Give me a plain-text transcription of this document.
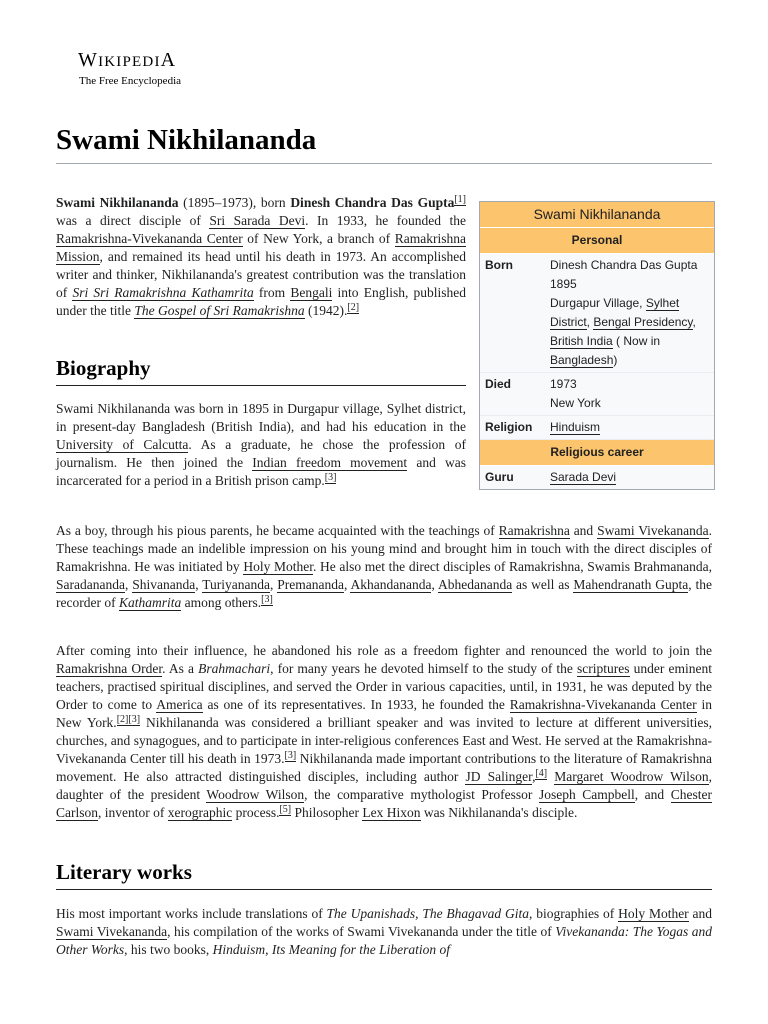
WIKIPEDIA
The Free Encyclopedia
Swami Nikhilananda

Swami Nikhilananda (1895–1973), born Dinesh Chandra Das Gupta[1] was a direct disciple of Sri Sarada Devi. In 1933, he founded the Ramakrishna-Vivekananda Center of New York, a branch of Ramakrishna Mission, and remained its head until his death in 1973. An accomplished writer and thinker, Nikhilananda's greatest contribution was the translation of Sri Sri Ramakrishna Kathamrita from Bengali into English, published under the title The Gospel of Sri Ramakrishna (1942).[2]

Biography

Swami Nikhilananda was born in 1895 in Durgapur village, Sylhet district, in present-day Bangladesh (British India), and had his education in the University of Calcutta. As a graduate, he chose the profession of journalism. He then joined the Indian freedom movement and was incarcerated for a period in a British prison camp.[3]

As a boy, through his pious parents, he became acquainted with the teachings of Ramakrishna and Swami Vivekananda. These teachings made an indelible impression on his young mind and brought him in touch with the direct disciples of Ramakrishna. He was initiated by Holy Mother. He also met the direct disciples of Ramakrishna, Swamis Brahmananda, Saradananda, Shivananda, Turiyananda, Premananda, Akhandananda, Abhedananda as well as Mahendranath Gupta, the recorder of Kathamrita among others.[3]

After coming into their influence, he abandoned his role as a freedom fighter and renounced the world to join the Ramakrishna Order. As a Brahmachari, for many years he devoted himself to the study of the scriptures under eminent teachers, practised spiritual disciplines, and served the Order in various capacities, until, in 1931, he was deputed by the Order to come to America as one of its representatives. In 1933, he founded the Ramakrishna-Vivekananda Center in New York.[2][3] Nikhilananda was considered a brilliant speaker and was invited to lecture at different universities, churches, and synagogues, and to participate in inter-religious conferences East and West. He served at the Ramakrishna-Vivekananda Center till his death in 1973.[3] Nikhilananda made important contributions to the literature of Ramakrishna movement. He also attracted distinguished disciples, including author JD Salinger,[4] Margaret Woodrow Wilson, daughter of the president Woodrow Wilson, the comparative mythologist Professor Joseph Campbell, and Chester Carlson, inventor of xerographic process.[5] Philosopher Lex Hixon was Nikhilananda's disciple.

Literary works

His most important works include translations of The Upanishads, The Bhagavad Gita, biographies of Holy Mother and Swami Vivekananda, his compilation of the works of Swami Vivekananda under the title of Vivekananda: The Yogas and Other Works, his two books, Hinduism, Its Meaning for the Liberation of

Swami Nikhilananda
Personal
Born	Dinesh Chandra Das Gupta
1895
Durgapur Village, Sylhet District, Bengal Presidency, British India ( Now in Bangladesh)
Died	1973
New York
Religion	Hinduism
Religious career
Guru	Sarada Devi
